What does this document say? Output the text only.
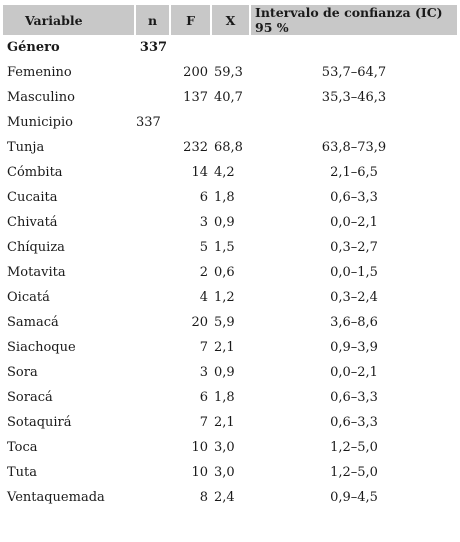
Variable	n	F	X	Intervalo de confianza (IC) 95 %
Género	337			
Femenino		200	59,3	53,7–64,7
Masculino		137	40,7	35,3–46,3
Municipio	337			
Tunja		232	68,8	63,8–73,9
Cómbita		14	4,2	2,1–6,5
Cucaita		6	1,8	0,6–3,3
Chivatá		3	0,9	0,0–2,1
Chíquiza		5	1,5	0,3–2,7
Motavita		2	0,6	0,0–1,5
Oicatá		4	1,2	0,3–2,4
Samacá		20	5,9	3,6–8,6
Siachoque		7	2,1	0,9–3,9
Sora		3	0,9	0,0–2,1
Soracá		6	1,8	0,6–3,3
Sotaquirá		7	2,1	0,6–3,3
Toca		10	3,0	1,2–5,0
Tuta		10	3,0	1,2–5,0
Ventaquemada		8	2,4	0,9–4,5
